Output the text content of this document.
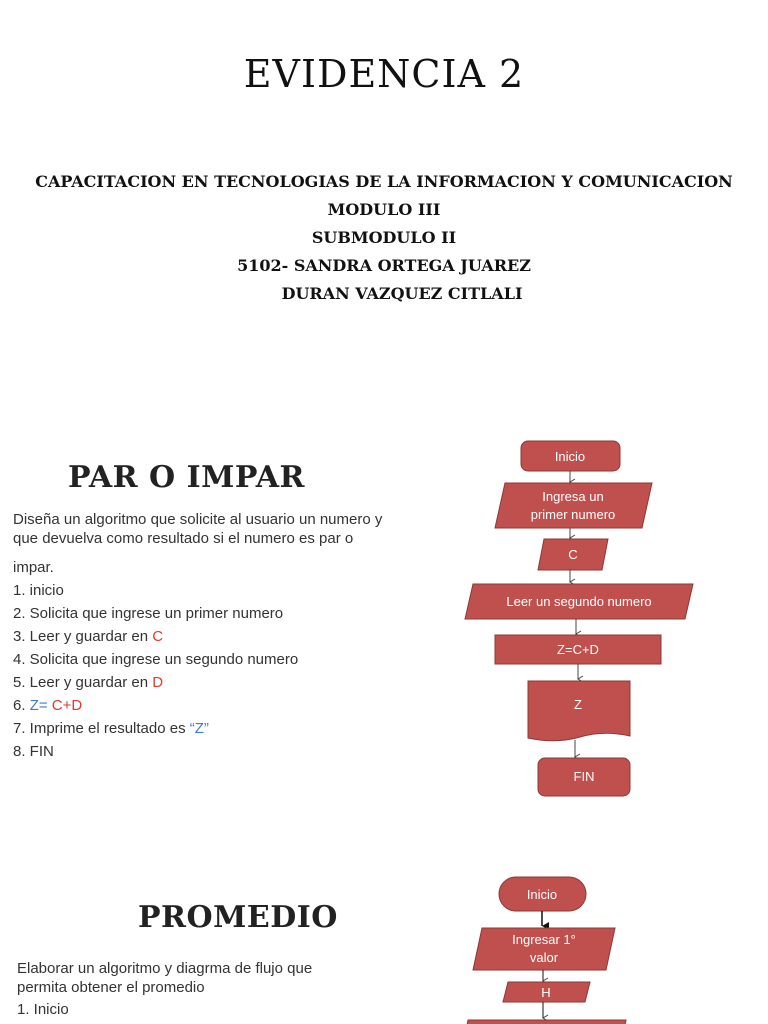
EVIDENCIA 2
CAPACITACION EN TECNOLOGIAS DE LA INFORMACION Y COMUNICACION
MODULO III
SUBMODULO II
5102- SANDRA ORTEGA JUAREZ
DURAN VAZQUEZ CITLALI
PAR O IMPAR
Diseña un algoritmo que solicite al usuario un numero y
que devuelva como resultado si el numero es par o
impar.
1. inicio
2. Solicita que ingrese un primer numero
3. Leer y guardar en C
4. Solicita que ingrese un segundo numero
5. Leer y guardar en D
6. Z= C+D
7. Imprime el resultado es “Z”
8. FIN
PROMEDIO
Elaborar un algoritmo y diagrma de flujo que
permita obtener el promedio
1. Inicio
Inicio
Ingresa un
primer numero
C
Leer un segundo numero
Z=C+D
Z
FIN
Inicio
Ingresar 1°
valor
H
